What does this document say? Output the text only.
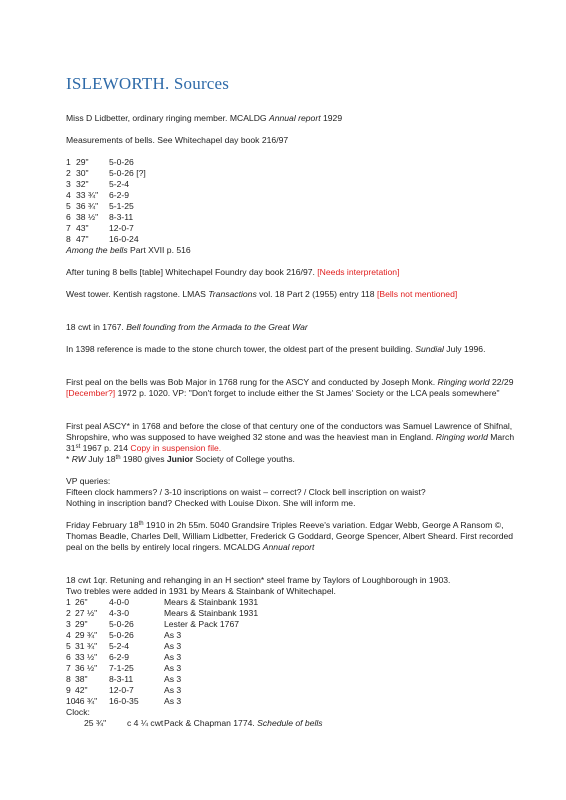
ISLEWORTH. Sources

Miss D Lidbetter, ordinary ringing member. MCALDG Annual report 1929

Measurements of bells. See Whitechapel day book 216/97

1 29"	5-0-26
2 30"	5-0-26 [?]
3 32"	5-2-4
4 33 ¾"	6-2-9
5 36 ¾"	5-1-25
6 38 ½"	8-3-11
7 43"	12-0-7
8 47"	16-0-24

Among the bells Part XVII p. 516

After tuning 8 bells [table] Whitechapel Foundry day book 216/97. [Needs interpretation]

West tower. Kentish ragstone. LMAS Transactions vol. 18 Part 2 (1955) entry 118 [Bells not mentioned]

18 cwt in 1767. Bell founding from the Armada to the Great War

In 1398 reference is made to the stone church tower, the oldest part of the present building. Sundial July 1996.

First peal on the bells was Bob Major in 1768 rung for the ASCY and conducted by Joseph Monk. Ringing world 22/29 [December?] 1972 p. 1020. VP: "Don't forget to include either the St James' Society or the LCA peals somewhere"

First peal ASCY* in 1768 and before the close of that century one of the conductors was Samuel Lawrence of Shifnal, Shropshire, who was supposed to have weighed 32 stone and was the heaviest man in England. Ringing world March 31st 1967 p. 214 Copy in suspension file.

* RW July 18th 1980 gives Junior Society of College youths.

VP queries:

Fifteen clock hammers? / 3-10 inscriptions on waist – correct? / Clock bell inscription on waist?

Nothing in inscription band? Checked with Louise Dixon. She will inform me.

Friday February 18th 1910 in 2h 55m. 5040 Grandsire Triples Reeve's variation. Edgar Webb, George A Ransom ©, Thomas Beadle, Charles Dell, William Lidbetter, Frederick G Goddard, George Spencer, Albert Sheard. First recorded peal on the bells by entirely local ringers. MCALDG Annual report

18 cwt 1qr. Retuning and rehanging in an H section* steel frame by Taylors of Loughborough in 1903.

Two trebles were added in 1931 by Mears & Stainbank of Whitechapel.

1 26"	4-0-0	Mears & Stainbank 1931
2 27 ½"	4-3-0	Mears & Stainbank 1931
3 29"	5-0-26	Lester & Pack 1767
4 29 ¾"	5-0-26	As 3
5 31 ¾"	5-2-4	As 3
6 33 ½"	6-2-9	As 3
7 36 ½"	7-1-25	As 3
8 38"	8-3-11	As 3
9 42"	12-0-7	As 3
10 46 ¾"	16-0-35	As 3

Clock:

25 ¾"	c 4 ¼ cwt Pack & Chapman 1774. Schedule of bells
